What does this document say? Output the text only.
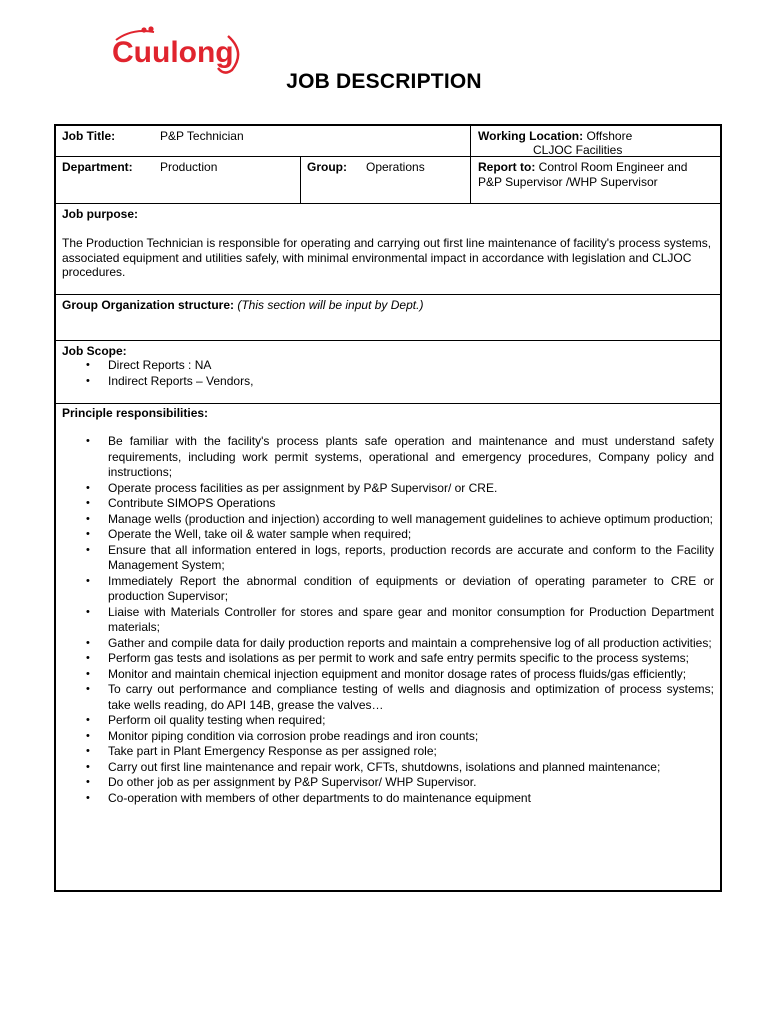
Cuulong
JOB DESCRIPTION
Job Title:	P&P Technician	Working Location: Offshore
CLJOC Facilities
Department: Production	Group: Operations	Report to: Control Room Engineer and
P&P Supervisor /WHP Supervisor
Job purpose:
The Production Technician is responsible for operating and carrying out first line maintenance of facility's process systems, associated equipment and utilities safely, with minimal environmental impact in accordance with legislation and CLJOC procedures.
Group Organization structure: (This section will be input by Dept.)
Job Scope:
• Direct Reports : NA
• Indirect Reports – Vendors,
Principle responsibilities:
• Be familiar with the facility's process plants safe operation and maintenance and must understand safety requirements, including work permit systems, operational and emergency procedures, Company policy and instructions;
• Operate process facilities as per assignment by P&P Supervisor/ or CRE.
• Contribute SIMOPS Operations
• Manage wells (production and injection) according to well management guidelines to achieve optimum production;
• Operate the Well, take oil & water sample when required;
• Ensure that all information entered in logs, reports, production records are accurate and conform to the Facility Management System;
• Immediately Report the abnormal condition of equipments or deviation of operating parameter to CRE or production Supervisor;
• Liaise with Materials Controller for stores and spare gear and monitor consumption for Production Department materials;
• Gather and compile data for daily production reports and maintain a comprehensive log of all production activities;
• Perform gas tests and isolations as per permit to work and safe entry permits specific to the process systems;
• Monitor and maintain chemical injection equipment and monitor dosage rates of process fluids/gas efficiently;
• To carry out performance and compliance testing of wells and diagnosis and optimization of process systems; take wells reading, do API 14B, grease the valves…
• Perform oil quality testing when required;
• Monitor piping condition via corrosion probe readings and iron counts;
• Take part in Plant Emergency Response as per assigned role;
• Carry out first line maintenance and repair work, CFTs, shutdowns, isolations and planned maintenance;
• Do other job as per assignment by P&P Supervisor/ WHP Supervisor.
• Co-operation with members of other departments to do maintenance equipment
